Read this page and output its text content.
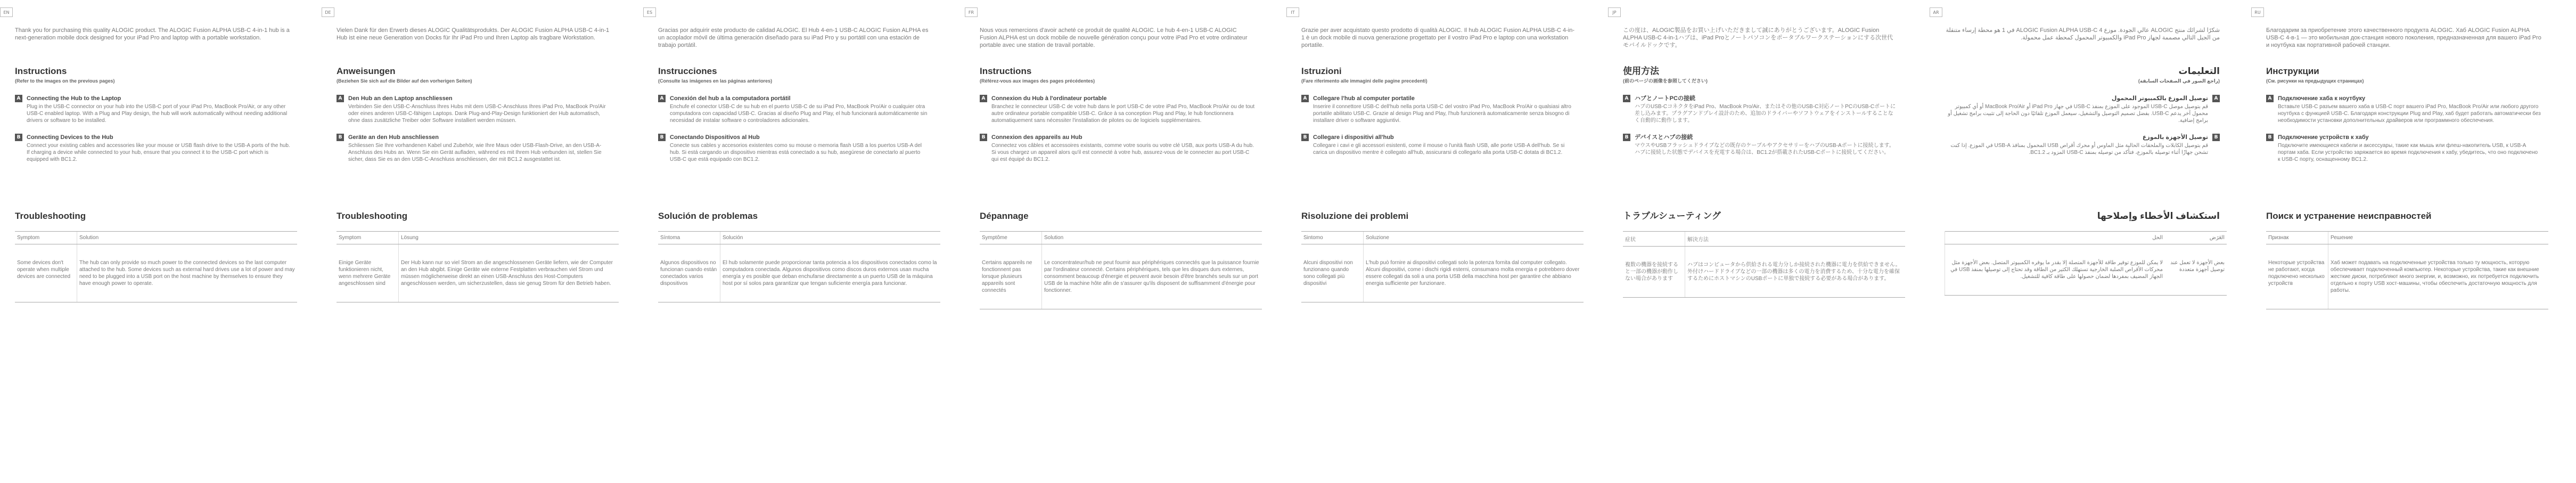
EN
Thank you for purchasing this quality ALOGIC product. The ALOGIC Fusion ALPHA USB-C 4-in-1 hub is a next-generation mobile dock designed for your iPad Pro and laptop with a portable workstation.
Instructions
(Refer to the images on the previous pages)
A	Connecting the Hub to the Laptop
Plug in the USB-C connector on your hub into the USB-C port of your iPad Pro, MacBook Pro/Air, or any other USB-C enabled laptop. With a Plug and Play design, the hub will work automatically without needing additional drivers or software to be installed.
B	Connecting Devices to the Hub
Connect your existing cables and accessories like your mouse or USB flash drive to the USB-A ports of the hub. If charging a device while connected to your hub, ensure that you connect it to the USB-C port which is equipped with BC1.2.
Troubleshooting
Symptom	Solution
Some devices don't operate when multiple devices are connected	The hub can only provide so much power to the connected devices so the last computer attached to the hub. Some devices such as external hard drives use a lot of power and may need to be plugged into a USB port on the host machine by themselves to ensure they have enough power to operate.
DE
Vielen Dank für den Erwerb dieses ALOGIC Qualitätsprodukts. Der ALOGIC Fusion ALPHA USB-C 4-in-1 Hub ist eine neue Generation von Docks für Ihr iPad Pro und Ihren Laptop als tragbare Workstation.
Anweisungen
(Beziehen Sie sich auf die Bilder auf den vorherigen Seiten)
A	Den Hub an den Laptop anschliessen
Verbinden Sie den USB-C-Anschluss Ihres Hubs mit dem USB-C-Anschluss Ihres iPad Pro, MacBook Pro/Air oder eines anderen USB-C-fähigen Laptops. Dank Plug-and-Play-Design funktioniert der Hub automatisch, ohne dass zusätzliche Treiber oder Software installiert werden müssen.
B	Geräte an den Hub anschliessen
Schliessen Sie Ihre vorhandenen Kabel und Zubehör, wie Ihre Maus oder USB-Flash-Drive, an den USB-A-Anschluss des Hubs an. Wenn Sie ein Gerät aufladen, während es mit Ihrem Hub verbunden ist, stellen Sie sicher, dass Sie es an den USB-C-Anschluss anschliessen, der mit BC1.2 ausgestattet ist.
Troubleshooting
Symptom	Lösung
Einige Geräte funktionieren nicht, wenn mehrere Geräte angeschlossen sind	Der Hub kann nur so viel Strom an die angeschlossenen Geräte liefern, wie der Computer an den Hub abgibt. Einige Geräte wie externe Festplatten verbrauchen viel Strom und müssen möglicherweise direkt an einen USB-Anschluss des Host-Computers angeschlossen werden, um sicherzustellen, dass sie genug Strom für den Betrieb haben.
ES
Gracias por adquirir este producto de calidad ALOGIC. El Hub 4-en-1 USB-C ALOGIC Fusion ALPHA es un acoplador móvil de última generación diseñado para su iPad Pro y su portátil con una estación de trabajo portátil.
Instrucciones
(Consulte las imágenes en las páginas anteriores)
A	Conexión del hub a la computadora portátil
Enchufe el conector USB-C de su hub en el puerto USB-C de su iPad Pro, MacBook Pro/Air o cualquier otra computadora con capacidad USB-C. Gracias al diseño Plug and Play, el hub funcionará automáticamente sin necesidad de instalar software o controladores adicionales.
B	Conectando Dispositivos al Hub
Conecte sus cables y accesorios existentes como su mouse o memoria flash USB a los puertos USB-A del hub. Si está cargando un dispositivo mientras está conectado a su hub, asegúrese de conectarlo al puerto USB-C que está equipado con BC1.2.
Solución de problemas
Síntoma	Solución
Algunos dispositivos no funcionan cuando están conectados varios dispositivos	El hub solamente puede proporcionar tanta potencia a los dispositivos conectados como la computadora conectada. Algunos dispositivos como discos duros externos usan mucha energía y es posible que deban enchufarse directamente a un puerto USB de la máquina host por sí solos para garantizar que tengan suficiente energía para funcionar.
FR
Nous vous remercions d'avoir acheté ce produit de qualité ALOGIC. Le hub 4-en-1 USB-C ALOGIC Fusion ALPHA est un dock mobile de nouvelle génération conçu pour votre iPad Pro et votre ordinateur portable avec une station de travail portable.
Instructions
(Référez-vous aux images des pages précédentes)
A	Connexion du Hub à l'ordinateur portable
Branchez le connecteur USB-C de votre hub dans le port USB-C de votre iPad Pro, MacBook Pro/Air ou de tout autre ordinateur portable compatible USB-C. Grâce à sa conception Plug and Play, le hub fonctionnera automatiquement sans nécessiter l'installation de pilotes ou de logiciels supplémentaires.
B	Connexion des appareils au Hub
Connectez vos câbles et accessoires existants, comme votre souris ou votre clé USB, aux ports USB-A du hub. Si vous chargez un appareil alors qu'il est connecté à votre hub, assurez-vous de le connecter au port USB-C qui est équipé du BC1.2.
Dépannage
Symptôme	Solution
Certains appareils ne fonctionnent pas lorsque plusieurs appareils sont connectés	Le concentrateur/hub ne peut fournir aux périphériques connectés que la puissance fournie par l'ordinateur connecté. Certains périphériques, tels que les disques durs externes, consomment beaucoup d'énergie et peuvent avoir besoin d'être branchés seuls sur un port USB de la machine hôte afin de s'assurer qu'ils disposent de suffisamment d'énergie pour fonctionner.
IT
Grazie per aver acquistato questo prodotto di qualità ALOGIC. Il hub ALOGIC Fusion ALPHA USB-C 4-in-1 è un dock mobile di nuova generazione progettato per il vostro iPad Pro e laptop con una workstation portatile.
Istruzioni
(Fare riferimento alle immagini delle pagine precedenti)
A	Collegare l'hub al computer portatile
Inserire il connettore USB-C dell'hub nella porta USB-C del vostro iPad Pro, MacBook Pro/Air o qualsiasi altro portatile abilitato USB-C. Grazie al design Plug and Play, l'hub funzionerà automaticamente senza bisogno di installare driver o software aggiuntivi.
B	Collegare i dispositivi all'hub
Collegare i cavi e gli accessori esistenti, come il mouse o l'unità flash USB, alle porte USB-A dell'hub. Se si carica un dispositivo mentre è collegato all'hub, assicurarsi di collegarlo alla porta USB-C dotata di BC1.2.
Risoluzione dei problemi
Sintomo	Soluzione
Alcuni dispositivi non funzionano quando sono collegati più dispositivi	L'hub può fornire ai dispositivi collegati solo la potenza fornita dal computer collegato. Alcuni dispositivi, come i dischi rigidi esterni, consumano molta energia e potrebbero dover essere collegati da soli a una porta USB della macchina host per garantire che abbiano energia sufficiente per funzionare.
JP
この度は、ALOGIC製品をお買い上げいただきまして誠にありがとうございます。ALOGIC Fusion ALPHA USB-C 4-in-1ハブは、iPad Proとノートパソコンをポータブルワークステーションにする次世代モバイルドックです。
使用方法
(前のページの画像を参照してください)
A	ハブとノートPCの接続
ハブのUSB-CコネクタをiPad Pro、MacBook Pro/Air、またはその他のUSB-C対応ノートPCのUSB-Cポートに差し込みます。プラグアンドプレイ設計のため、追加のドライバーやソフトウェアをインストールすることなく自動的に動作します。
B	デバイスとハブの接続
マウスやUSBフラッシュドライブなどの既存のケーブルやアクセサリーをハブのUSB-Aポートに接続します。ハブに接続した状態でデバイスを充電する場合は、BC1.2が搭載されたUSB-Cポートに接続してください。
トラブルシューティング
症状	解決方法
複数の機器を接続すると一部の機器が動作しない場合があります	ハブはコンピュータから供給される電力分しか接続された機器に電力を供給できません。外付けハードドライブなどの一部の機器は多くの電力を消費するため、十分な電力を確保するためにホストマシンのUSBポートに単独で接続する必要がある場合があります。
AR
شكرًا لشرائك منتج ALOGIC عالي الجودة. موزع ALOGIC Fusion ALPHA USB-C 4 في 1 هو محطة إرساء متنقلة من الجيل التالي مصممة لجهاز iPad Pro والكمبيوتر المحمول كمحطة عمل محمولة.
التعليمات
(راجع الصور في الصفحات السابقة)
A
توصيل الموزع بالكمبيوتر المحمول
قم بتوصيل موصل USB-C الموجود على الموزع بمنفذ USB-C في جهاز iPad Pro أو MacBook Pro/Air أو أي كمبيوتر محمول آخر يدعم USB-C. بفضل تصميم التوصيل والتشغيل، سيعمل الموزع تلقائيًا دون الحاجة إلى تثبيت برامج تشغيل أو برامج إضافية.
B
توصيل الأجهزة بالموزع
قم بتوصيل الكابلات والملحقات الحالية مثل الماوس أو محرك أقراص USB المحمول بمنافذ USB-A في الموزع. إذا كنت تشحن جهازًا أثناء توصيله بالموزع، فتأكد من توصيله بمنفذ USB-C المزود بـ BC1.2.
استكشاف الأخطاء وإصلاحها
العَرَض	الحل
بعض الأجهزة لا تعمل عند توصيل أجهزة متعددة	لا يمكن للموزع توفير طاقة للأجهزة المتصلة إلا بقدر ما يوفره الكمبيوتر المتصل. بعض الأجهزة مثل محركات الأقراص الصلبة الخارجية تستهلك الكثير من الطاقة وقد تحتاج إلى توصيلها بمنفذ USB في الجهاز المضيف بمفردها لضمان حصولها على طاقة كافية للتشغيل.
RU
Благодарим за приобретение этого качественного продукта ALOGIC. Хаб ALOGIC Fusion ALPHA USB-C 4-в-1 — это мобильная док-станция нового поколения, предназначенная для вашего iPad Pro и ноутбука как портативной рабочей станции.
Инструкции
(См. рисунки на предыдущих страницах)
A	Подключение хаба к ноутбуку
Вставьте USB-C разъем вашего хаба в USB-C порт вашего iPad Pro, MacBook Pro/Air или любого другого ноутбука с функцией USB-C. Благодаря конструкции Plug and Play, хаб будет работать автоматически без необходимости установки дополнительных драйверов или программного обеспечения.
B	Подключение устройств к хабу
Подключите имеющиеся кабели и аксессуары, такие как мышь или флеш-накопитель USB, к USB-A портам хаба. Если устройство заряжается во время подключения к хабу, убедитесь, что оно подключено к USB-C порту, оснащенному BC1.2.
Поиск и устранение неисправностей
Признак	Решение
Некоторые устройства не работают, когда подключено несколько устройств	Хаб может подавать на подключенные устройства только ту мощность, которую обеспечивает подключенный компьютер. Некоторые устройства, такие как внешние жесткие диски, потребляют много энергии, и, возможно, их потребуется подключить отдельно к порту USB хост-машины, чтобы обеспечить достаточную мощность для работы.
